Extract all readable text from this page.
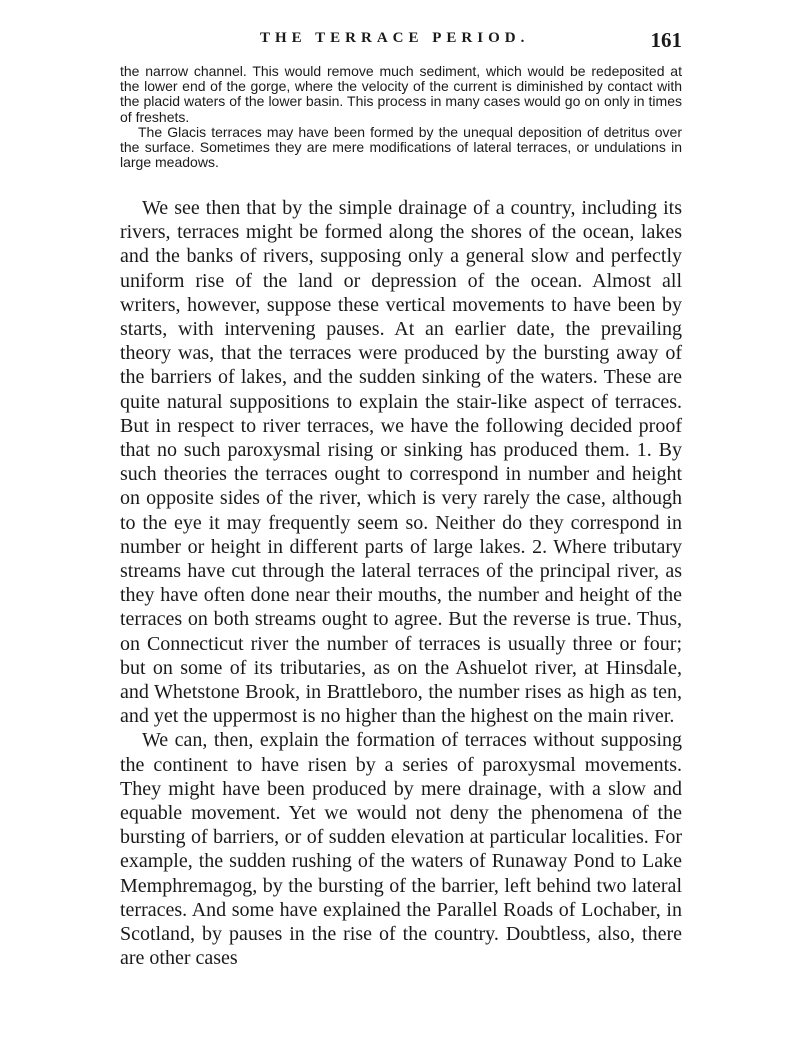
THE TERRACE PERIOD.	161

the narrow channel. This would remove much sediment, which would be redeposited at the lower end of the gorge, where the velocity of the current is diminished by contact with the placid waters of the lower basin. This process in many cases would go on only in times of freshets.

The Glacis terraces may have been formed by the unequal deposition of detritus over the surface. Sometimes they are mere modifications of lateral terraces, or undulations in large meadows.

We see then that by the simple drainage of a country, including its rivers, terraces might be formed along the shores of the ocean, lakes and the banks of rivers, supposing only a general slow and perfectly uniform rise of the land or depression of the ocean. Almost all writers, however, suppose these vertical movements to have been by starts, with intervening pauses. At an earlier date, the prevailing theory was, that the terraces were produced by the bursting away of the barriers of lakes, and the sudden sinking of the waters. These are quite natural suppositions to explain the stair-like aspect of terraces. But in respect to river terraces, we have the following decided proof that no such paroxysmal rising or sinking has produced them. 1. By such theories the terraces ought to correspond in number and height on opposite sides of the river, which is very rarely the case, although to the eye it may frequently seem so. Neither do they correspond in number or height in different parts of large lakes. 2. Where tributary streams have cut through the lateral terraces of the principal river, as they have often done near their mouths, the number and height of the terraces on both streams ought to agree. But the reverse is true. Thus, on Connecticut river the number of terraces is usually three or four; but on some of its tributaries, as on the Ashuelot river, at Hinsdale, and Whetstone Brook, in Brattleboro, the number rises as high as ten, and yet the uppermost is no higher than the highest on the main river.

We can, then, explain the formation of terraces without supposing the continent to have risen by a series of paroxysmal movements. They might have been produced by mere drainage, with a slow and equable movement. Yet we would not deny the phenomena of the bursting of barriers, or of sudden elevation at particular localities. For example, the sudden rushing of the waters of Runaway Pond to Lake Memphremagog, by the bursting of the barrier, left behind two lateral terraces. And some have explained the Parallel Roads of Lochaber, in Scotland, by pauses in the rise of the country. Doubtless, also, there are other cases
